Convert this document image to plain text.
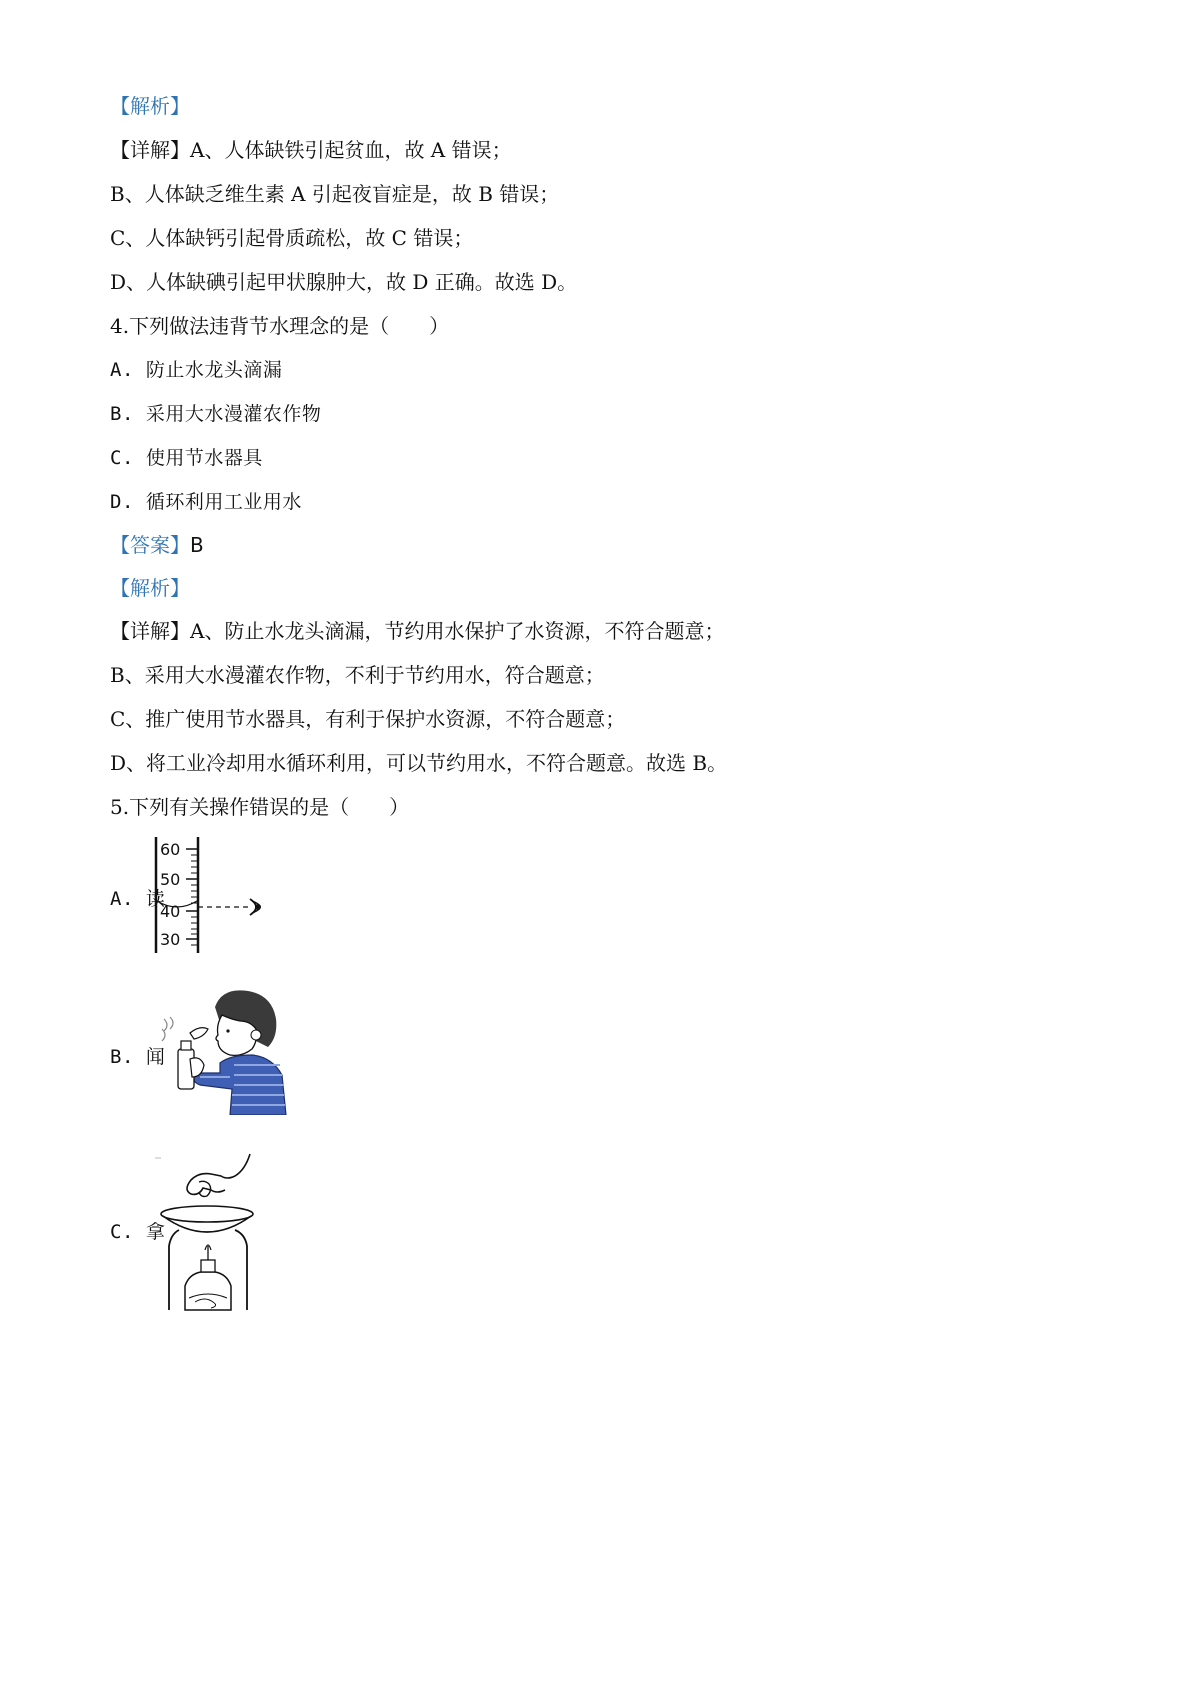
【解析】
【详解】A、人体缺铁引起贫血，故 A 错误；
B、人体缺乏维生素 A 引起夜盲症是，故 B 错误；
C、人体缺钙引起骨质疏松，故 C 错误；
D、人体缺碘引起甲状腺肿大，故 D 正确。故选 D。
4.下列做法违背节水理念的是（　　）
A. 防止水龙头滴漏
B. 采用大水漫灌农作物
C. 使用节水器具
D. 循环利用工业用水
【答案】B
【解析】
【详解】A、防止水龙头滴漏，节约用水保护了水资源，不符合题意；
B、采用大水漫灌农作物，不利于节约用水，符合题意；
C、推广使用节水器具，有利于保护水资源，不符合题意；
D、将工业冷却用水循环利用，可以节约用水，不符合题意。故选 B。
5.下列有关操作错误的是（　　）
A. 读
60
50
40
30
B. 闻
C. 拿
